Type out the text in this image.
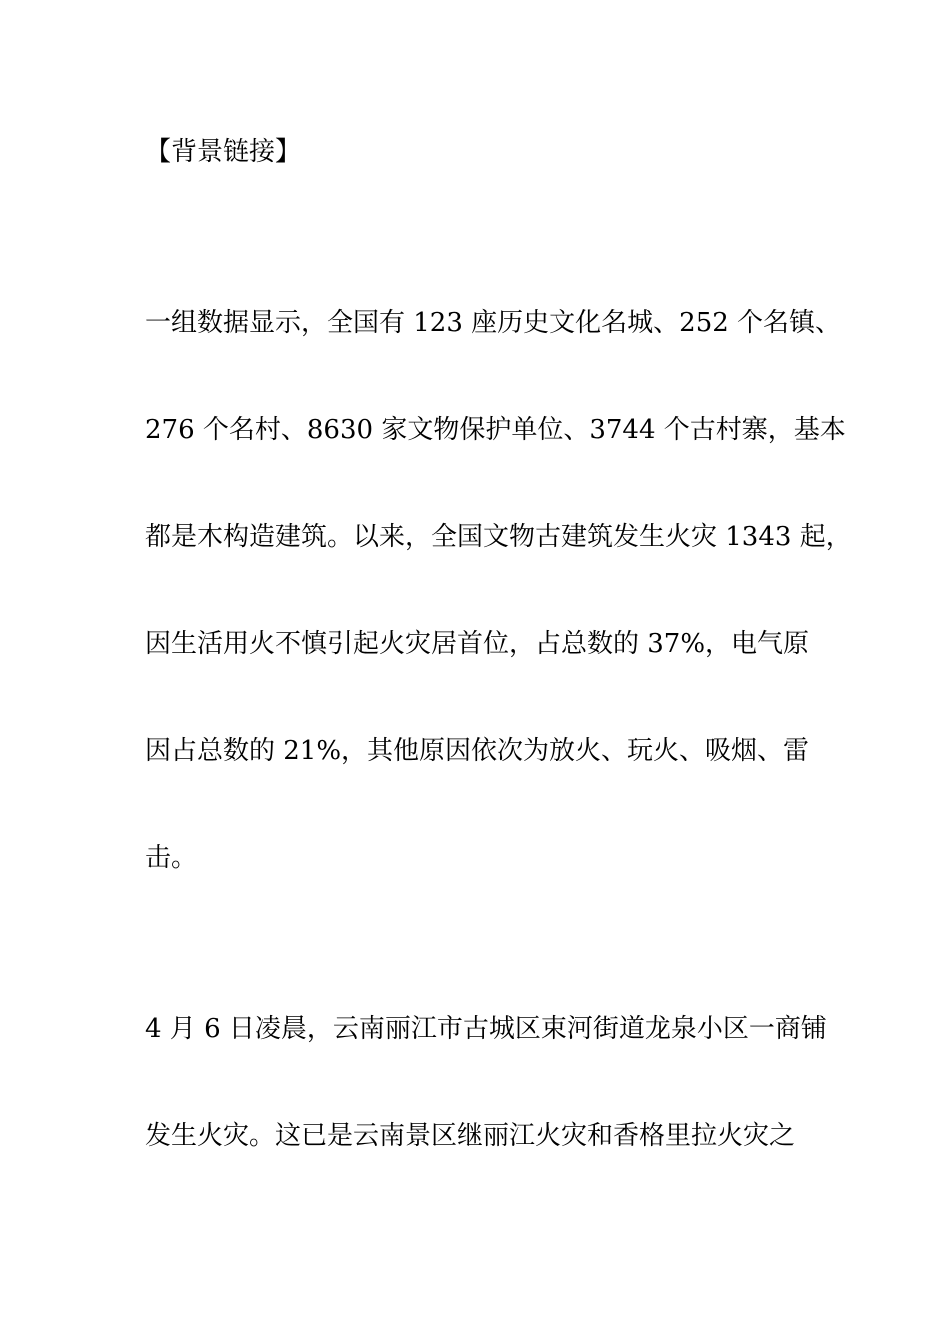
【背景链接】
一组数据显示，全国有 123 座历史文化名城、252 个名镇、
276 个名村、8630 家文物保护单位、3744 个古村寨，基本
都是木构造建筑。以来，全国文物古建筑发生火灾 1343 起，
因生活用火不慎引起火灾居首位，占总数的 37%，电气原
因占总数的 21%，其他原因依次为放火、玩火、吸烟、雷
击。
4 月 6 日凌晨，云南丽江市古城区束河街道龙泉小区一商铺
发生火灾。这已是云南景区继丽江火灾和香格里拉火灾之
